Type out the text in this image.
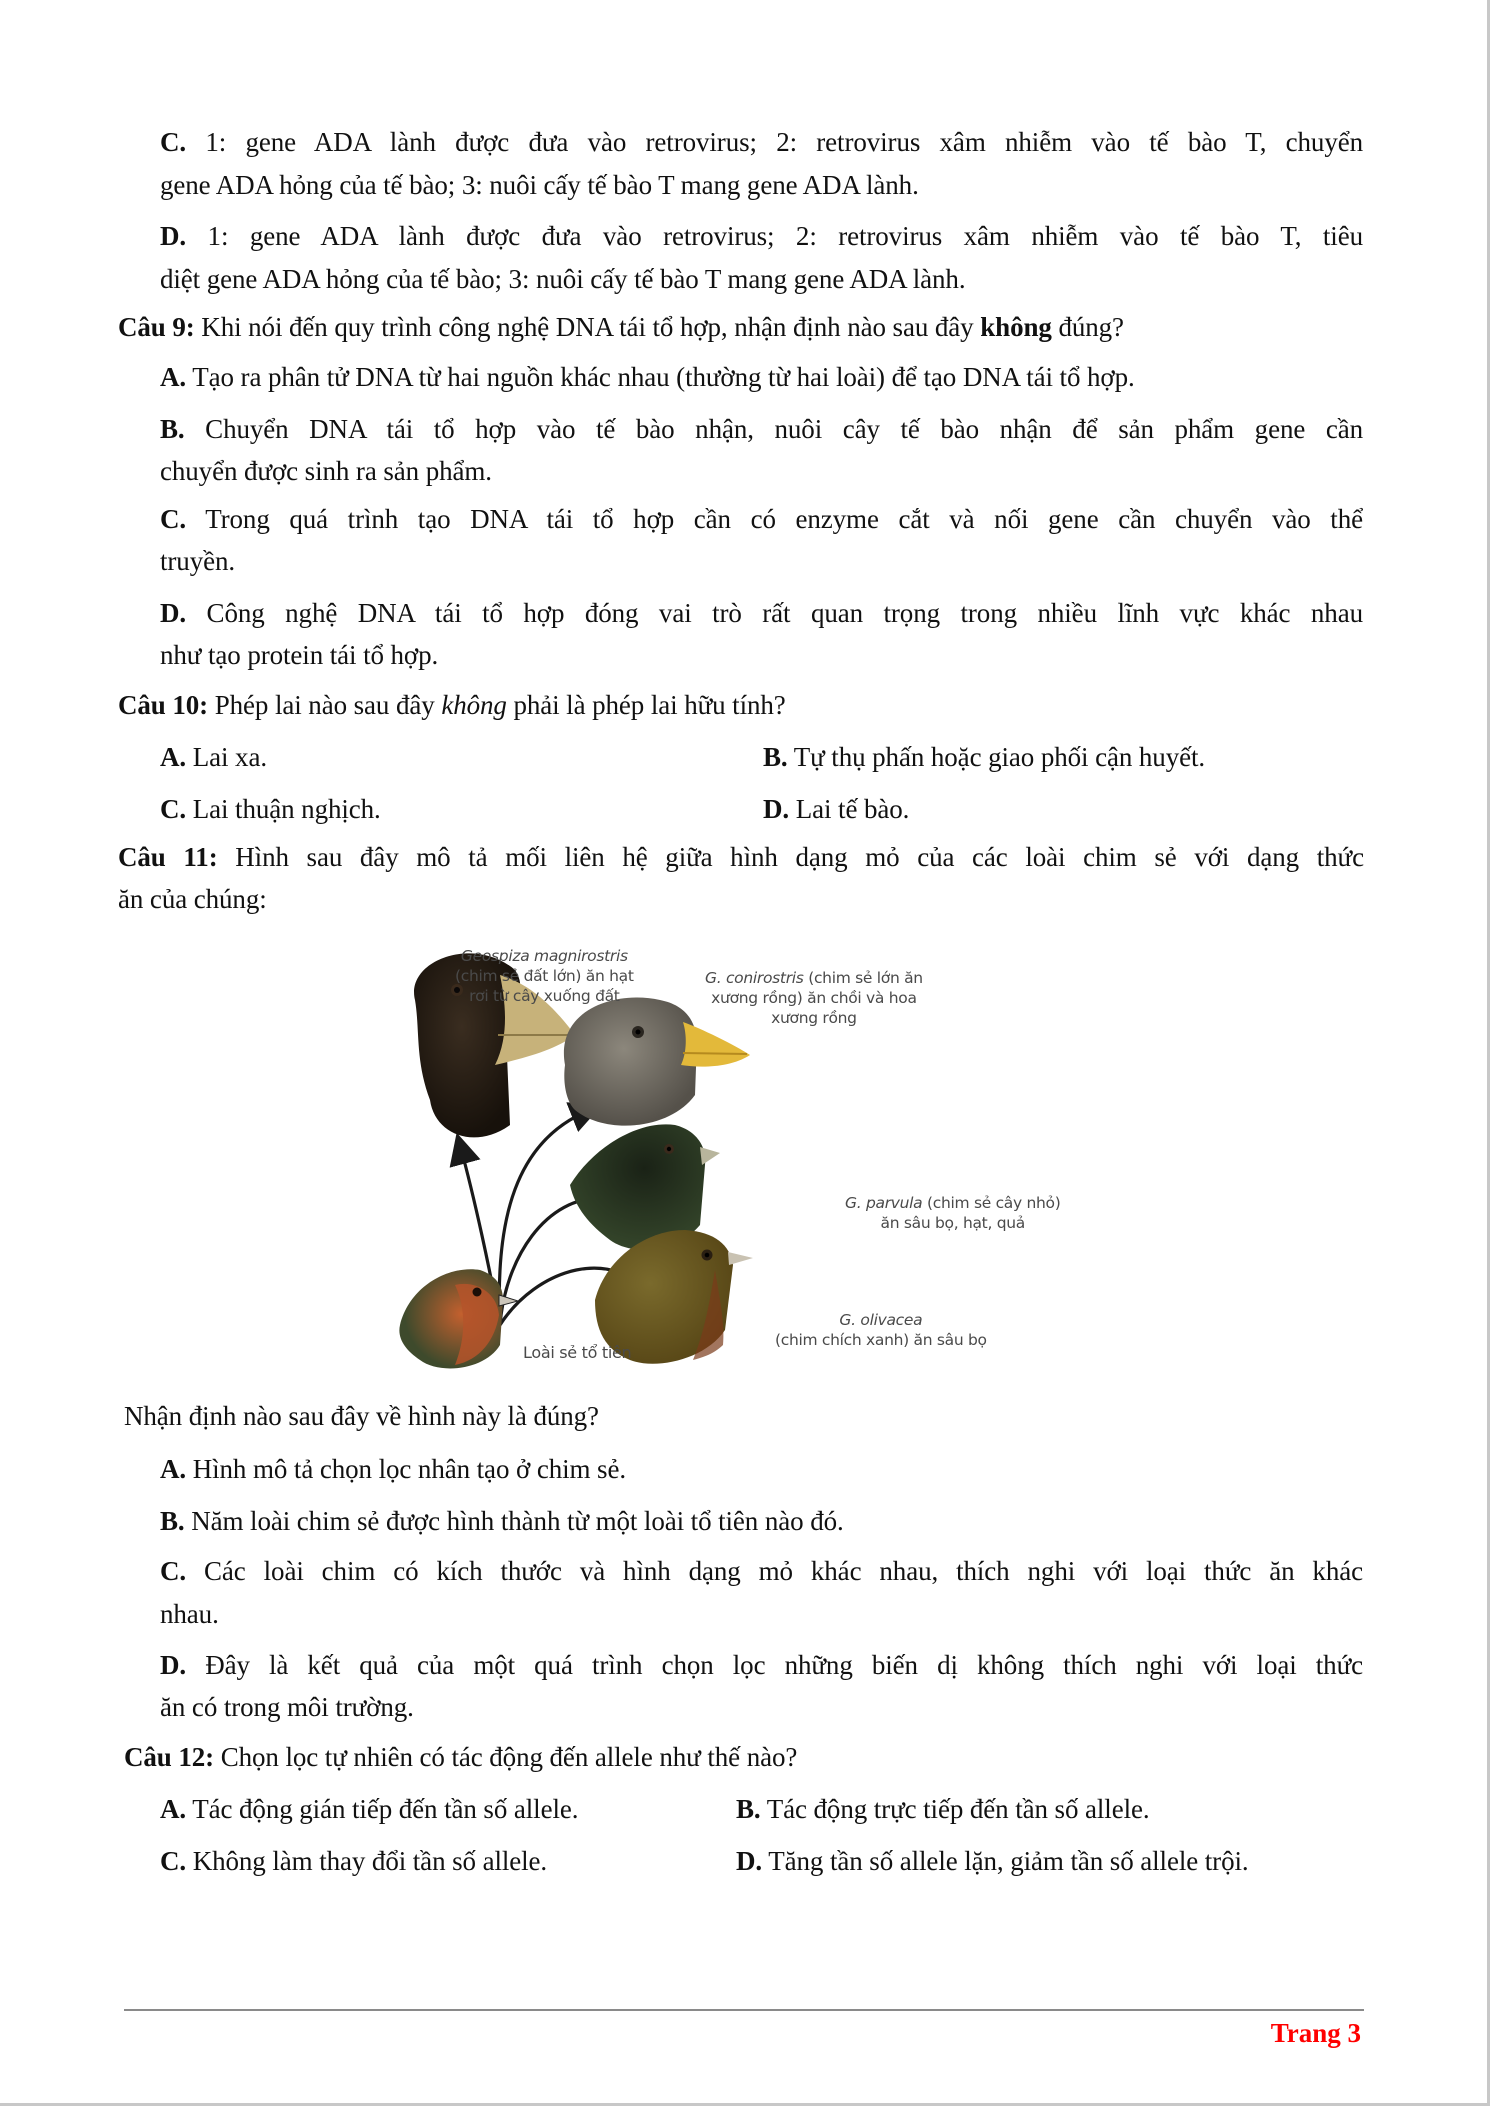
C. 1: gene ADA lành được đưa vào retrovirus; 2: retrovirus xâm nhiễm vào tế bào T, chuyển
gene ADA hỏng của tế bào; 3: nuôi cấy tế bào T mang gene ADA lành.
D. 1: gene ADA lành được đưa vào retrovirus; 2: retrovirus xâm nhiễm vào tế bào T, tiêu
diệt gene ADA hỏng của tế bào; 3: nuôi cấy tế bào T mang gene ADA lành.
Câu 9: Khi nói đến quy trình công nghệ DNA tái tổ hợp, nhận định nào sau đây không đúng?
A. Tạo ra phân tử DNA từ hai nguồn khác nhau (thường từ hai loài) để tạo DNA tái tổ hợp.
B. Chuyển DNA tái tổ hợp vào tế bào nhận, nuôi cây tế bào nhận để sản phẩm gene cần
chuyển được sinh ra sản phẩm.
C. Trong quá trình tạo DNA tái tổ hợp cần có enzyme cắt và nối gene cần chuyển vào thể
truyền.
D. Công nghệ DNA tái tổ hợp đóng vai trò rất quan trọng trong nhiều lĩnh vực khác nhau
như tạo protein tái tổ hợp.
Câu 10: Phép lai nào sau đây không phải là phép lai hữu tính?
A. Lai xa.	B. Tự thụ phấn hoặc giao phối cận huyết.
C. Lai thuận nghịch.	D. Lai tế bào.
Câu 11: Hình sau đây mô tả mối liên hệ giữa hình dạng mỏ của các loài chim sẻ với dạng thức
ăn của chúng:
Geospiza magnirostris
(chim sẻ đất lớn) ăn hạt
rơi từ cây xuống đất
G. conirostris (chim sẻ lớn ăn
xương rồng) ăn chồi và hoa
xương rồng
G. parvula (chim sẻ cây nhỏ)
ăn sâu bọ, hạt, quả
G. olivacea
(chim chích xanh) ăn sâu bọ
Loài sẻ tổ tiên
Nhận định nào sau đây về hình này là đúng?
A. Hình mô tả chọn lọc nhân tạo ở chim sẻ.
B. Năm loài chim sẻ được hình thành từ một loài tổ tiên nào đó.
C. Các loài chim có kích thước và hình dạng mỏ khác nhau, thích nghi với loại thức ăn khác
nhau.
D. Đây là kết quả của một quá trình chọn lọc những biến dị không thích nghi với loại thức
ăn có trong môi trường.
Câu 12: Chọn lọc tự nhiên có tác động đến allele như thế nào?
A. Tác động gián tiếp đến tần số allele.	B. Tác động trực tiếp đến tần số allele.
C. Không làm thay đổi tần số allele.	D. Tăng tần số allele lặn, giảm tần số allele trội.
Trang 3
